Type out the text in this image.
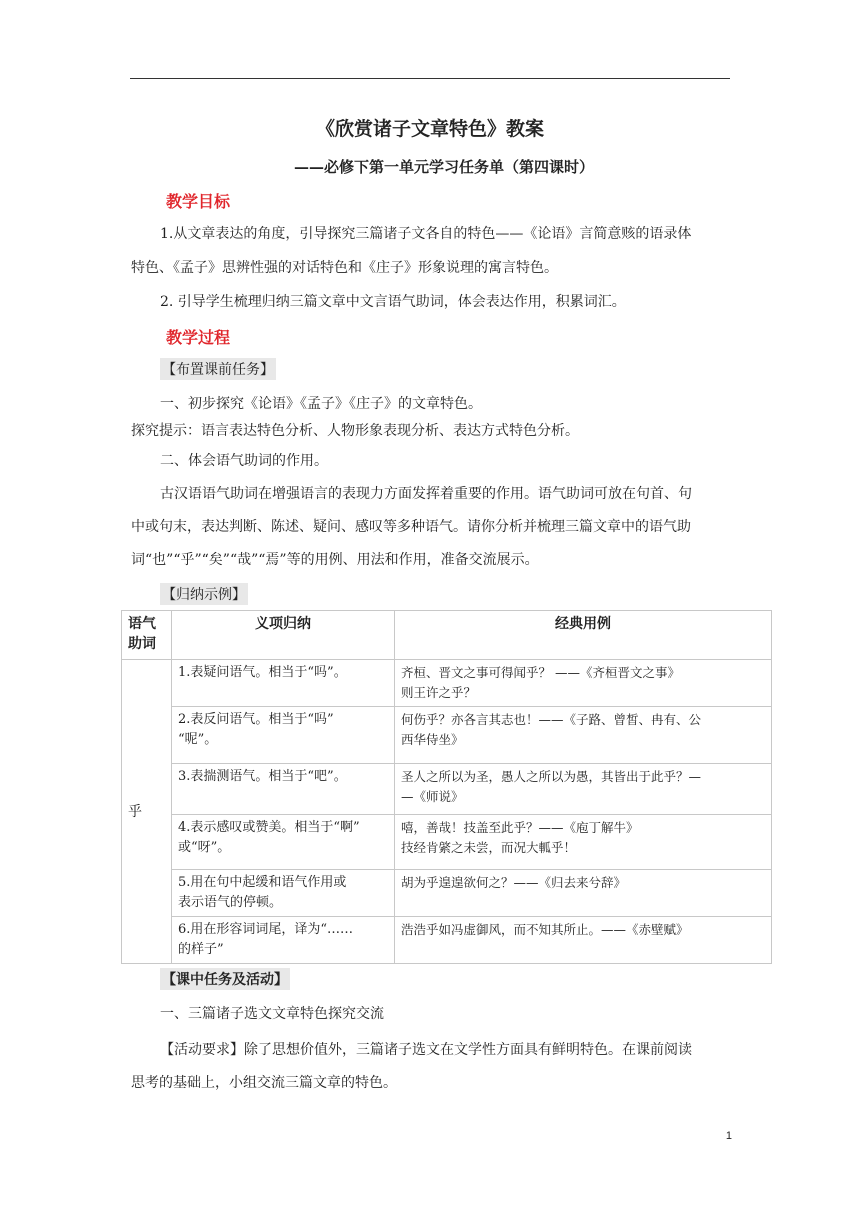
《欣赏诸子文章特色》教案
——必修下第一单元学习任务单（第四课时）
教学目标
1.从文章表达的角度，引导探究三篇诸子文各自的特色——《论语》言简意赅的语录体
特色、《孟子》思辨性强的对话特色和《庄子》形象说理的寓言特色。
2. 引导学生梳理归纳三篇文章中文言语气助词，体会表达作用，积累词汇。
教学过程
【布置课前任务】
一、初步探究《论语》《孟子》《庄子》的文章特色。
探究提示：语言表达特色分析、人物形象表现分析、表达方式特色分析。
二、体会语气助词的作用。
古汉语语气助词在增强语言的表现力方面发挥着重要的作用。语气助词可放在句首、句
中或句末，表达判断、陈述、疑问、感叹等多种语气。请你分析并梳理三篇文章中的语气助
词“也”“乎”“矣”“哉”“焉”等的用例、用法和作用，准备交流展示。
【归纳示例】
语气
助词	义项归纳	经典用例
乎	1.表疑问语气。相当于“吗”。	齐桓、晋文之事可得闻乎？ ——《齐桓晋文之事》
则王许之乎？
	2.表反问语气。相当于“吗”
“呢”。	何伤乎？亦各言其志也！——《子路、曾皙、冉有、公
西华侍坐》
	3.表揣测语气。相当于“吧”。	圣人之所以为圣，愚人之所以为愚，其皆出于此乎？—
—《师说》
	4.表示感叹或赞美。相当于“啊”
或“呀”。	嘻，善哉！技盖至此乎？——《庖丁解牛》
技经肯綮之未尝，而况大軱乎！
	5.用在句中起缓和语气作用或
表示语气的停顿。	胡为乎遑遑欲何之？——《归去来兮辞》
	6.用在形容词词尾，译为“……
的样子”	浩浩乎如冯虚御风，而不知其所止。——《赤壁赋》
【课中任务及活动】
一、三篇诸子选文文章特色探究交流
【活动要求】除了思想价值外，三篇诸子选文在文学性方面具有鲜明特色。在课前阅读
思考的基础上，小组交流三篇文章的特色。
1
